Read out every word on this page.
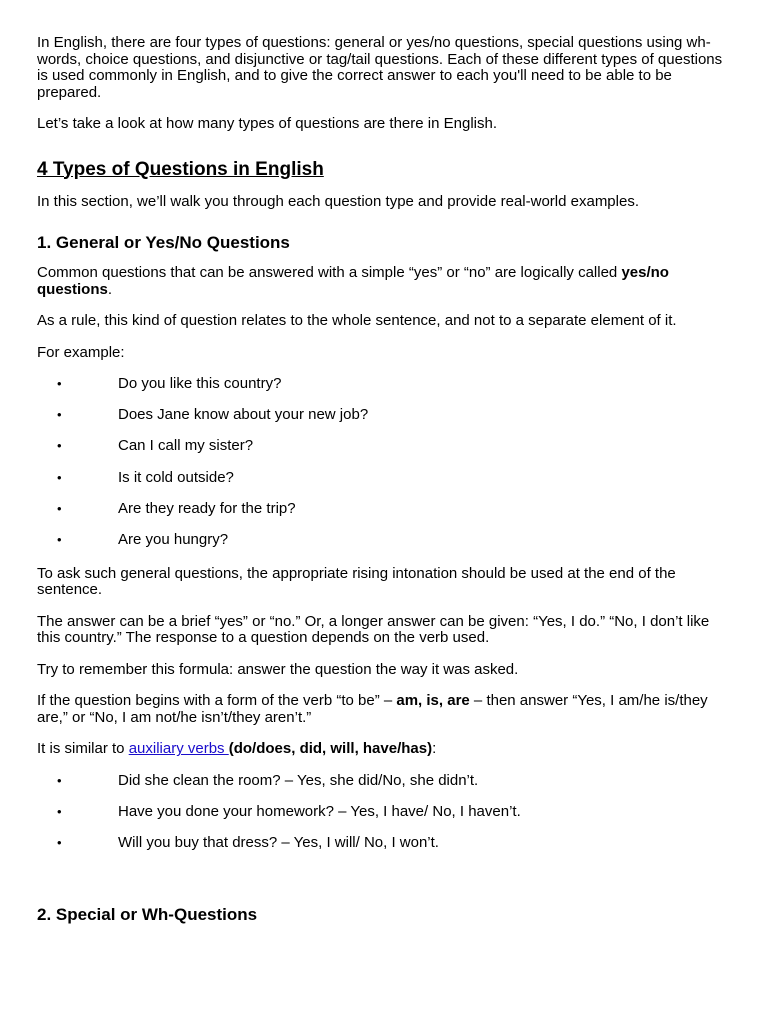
In English, there are four types of questions: general or yes/no questions, special questions using wh-words, choice questions, and disjunctive or tag/tail questions. Each of these different types of questions is used commonly in English, and to give the correct answer to each you'll need to be able to be prepared.

Let’s take a look at how many types of questions are there in English.

4 Types of Questions in English

In this section, we’ll walk you through each question type and provide real-world examples.

1. General or Yes/No Questions

Common questions that can be answered with a simple “yes” or “no” are logically called yes/no questions.

As a rule, this kind of question relates to the whole sentence, and not to a separate element of it.

For example:

•	Do you like this country?
•	Does Jane know about your new job?
•	Can I call my sister?
•	Is it cold outside?
•	Are they ready for the trip?
•	Are you hungry?

To ask such general questions, the appropriate rising intonation should be used at the end of the sentence.

The answer can be a brief “yes” or “no.” Or, a longer answer can be given: “Yes, I do.” “No, I don’t like this country.” The response to a question depends on the verb used.

Try to remember this formula: answer the question the way it was asked.

If the question begins with a form of the verb “to be” – am, is, are – then answer “Yes, I am/he is/they are,” or “No, I am not/he isn’t/they aren’t.”

It is similar to auxiliary verbs (do/does, did, will, have/has):

•	Did she clean the room? – Yes, she did/No, she didn’t.
•	Have you done your homework? – Yes, I have/ No, I haven’t.
•	Will you buy that dress? – Yes, I will/ No, I won’t.

2. Special or Wh-Questions
